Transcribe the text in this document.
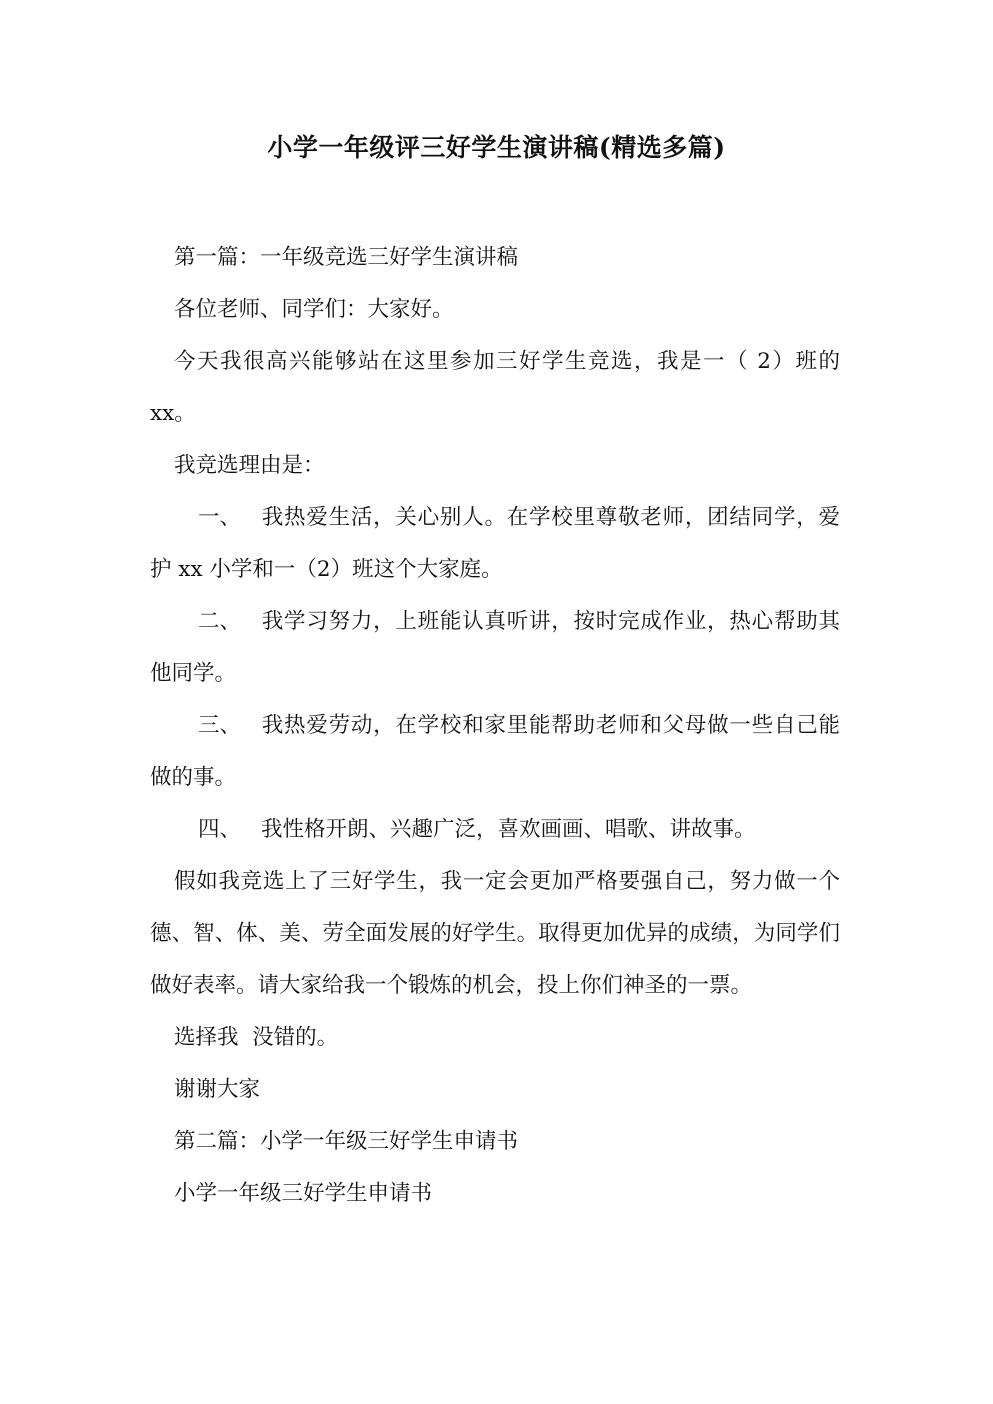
小学一年级评三好学生演讲稿(精选多篇)

第一篇：一年级竞选三好学生演讲稿

各位老师、同学们：大家好。

今天我很高兴能够站在这里参加三好学生竞选，我是一（ 2）班的 xx。

我竞选理由是：

一、 我热爱生活，关心别人。在学校里尊敬老师，团结同学，爱护 xx 小学和一（2）班这个大家庭。

二、 我学习努力，上班能认真听讲，按时完成作业，热心帮助其他同学。

三、 我热爱劳动，在学校和家里能帮助老师和父母做一些自己能做的事。

四、 我性格开朗、兴趣广泛，喜欢画画、唱歌、讲故事。

假如我竞选上了三好学生，我一定会更加严格要强自己，努力做一个德、智、体、美、劳全面发展的好学生。取得更加优异的成绩，为同学们做好表率。请大家给我一个锻炼的机会，投上你们神圣的一票。

选择我  没错的。

谢谢大家

第二篇：小学一年级三好学生申请书

小学一年级三好学生申请书
